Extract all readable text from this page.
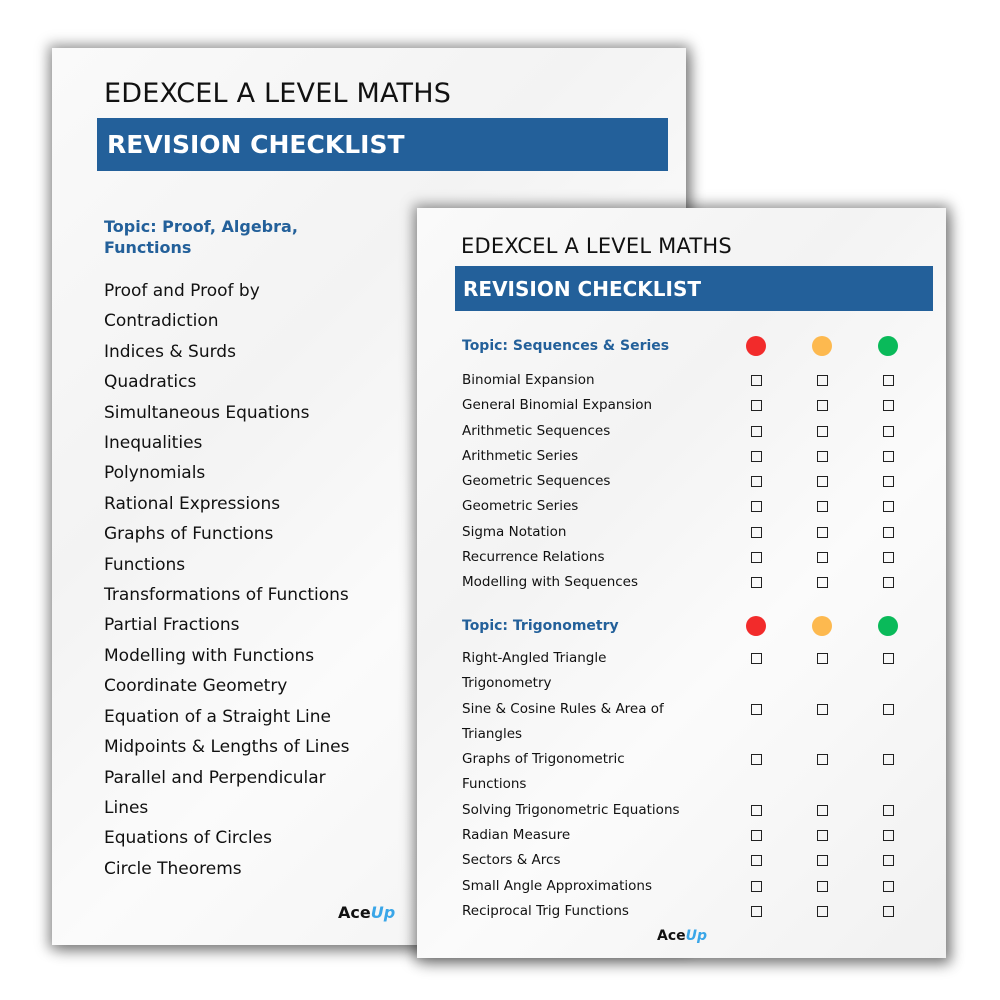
EDEXCEL A LEVEL MATHS
REVISION CHECKLIST
Topic: Proof, Algebra, Functions
Proof and Proof by
Contradiction
Indices & Surds
Quadratics
Simultaneous Equations
Inequalities
Polynomials
Rational Expressions
Graphs of Functions
Functions
Transformations of Functions
Partial Fractions
Modelling with Functions
Coordinate Geometry
Equation of a Straight Line
Midpoints & Lengths of Lines
Parallel and Perpendicular
Lines
Equations of Circles
Circle Theorems
AceUp
EDEXCEL A LEVEL MATHS
REVISION CHECKLIST
Topic: Sequences & Series
Binomial Expansion
General Binomial Expansion
Arithmetic Sequences
Arithmetic Series
Geometric Sequences
Geometric Series
Sigma Notation
Recurrence Relations
Modelling with Sequences
Topic: Trigonometry
Right-Angled Triangle Trigonometry
Sine & Cosine Rules & Area of Triangles
Graphs of Trigonometric Functions
Solving Trigonometric Equations
Radian Measure
Sectors & Arcs
Small Angle Approximations
Reciprocal Trig Functions
AceUp
